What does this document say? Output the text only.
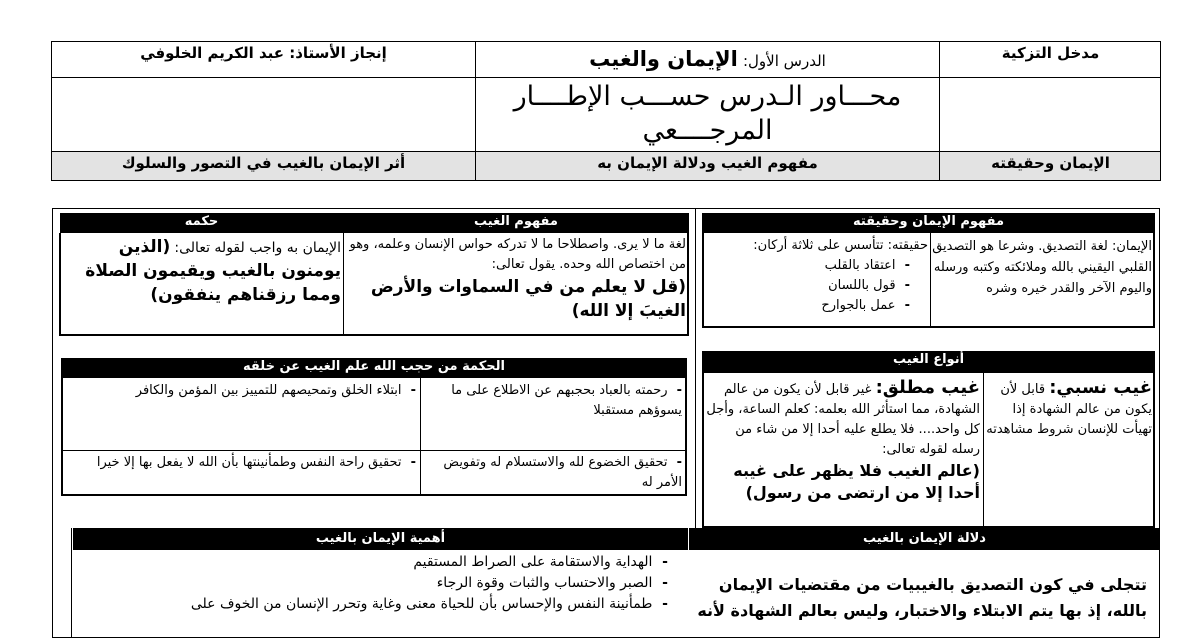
مدخل التزكية
الدرس الأول: الإيمان والغيب
إنجاز الأستاذ: عبد الكريم الخلوفي
محـــاور الـدرس حســـب الإطــــار
المرجــــعي
الإيمان وحقيقته
مفهوم الغيب ودلالة الإيمان به
أثر الإيمان بالغيب في التصور والسلوك
مفهوم الإيمان وحقيقته
الإيمان: لغة التصديق. وشرعا هو التصديق القلبي اليقيني بالله وملائكته وكتبه ورسله واليوم الآخر والقدر خيره وشره
حقيقته: تتأسس على ثلاثة أركان:
-  اعتقاد بالقلب
-  قول باللسان
-  عمل بالجوارح
مفهوم الغيب
حكمه
لغة ما لا يرى. واصطلاحا ما لا تدركه حواس الإنسان وعلمه، وهو من اختصاص الله وحده. يقول تعالى:
(قل لا يعلم من في السماوات والأرض الغيبَ إلا الله)
الإيمان به واجب لقوله تعالى: (الذين يومنون بالغيب ويقيمون الصلاة ومما رزقناهم ينفقون)
أنواع الغيب
غيب نسبي: قابل لأن يكون من عالم الشهادة إذا تهيأت للإنسان شروط مشاهدته
غيب مطلق: غير قابل لأن يكون من عالم الشهادة، مما استأثر الله بعلمه: كعلم الساعة، وأجل كل واحد.... فلا يطلع عليه أحدا إلا من شاء من رسله لقوله تعالى:
(عالم الغيب فلا يظهر على غيبه أحدا إلا من ارتضى من رسول)
الحكمة من حجب الله علم الغيب عن خلقه
-  رحمته بالعباد بحجبهم عن الاطلاع على ما يسوؤهم مستقبلا
-  ابتلاء الخلق وتمحيصهم للتمييز بين المؤمن والكافر
-  تحقيق الخضوع لله والاستسلام له وتفويض الأمر له
-  تحقيق راحة النفس وطمأنينتها بأن الله لا يفعل بها إلا خيرا
دلالة الإيمان بالغيب
أهمية الإيمان بالغيب
تتجلى في كون التصديق بالغيبيات من مقتضيات الإيمان
بالله، إذ بها يتم الابتلاء والاختبار، وليس بعالم الشهادة لأنه
-  الهداية والاستقامة على الصراط المستقيم
-  الصبر والاحتساب والثبات وقوة الرجاء
-  طمأنينة النفس والإحساس بأن للحياة معنى وغاية وتحرر الإنسان من الخوف على
